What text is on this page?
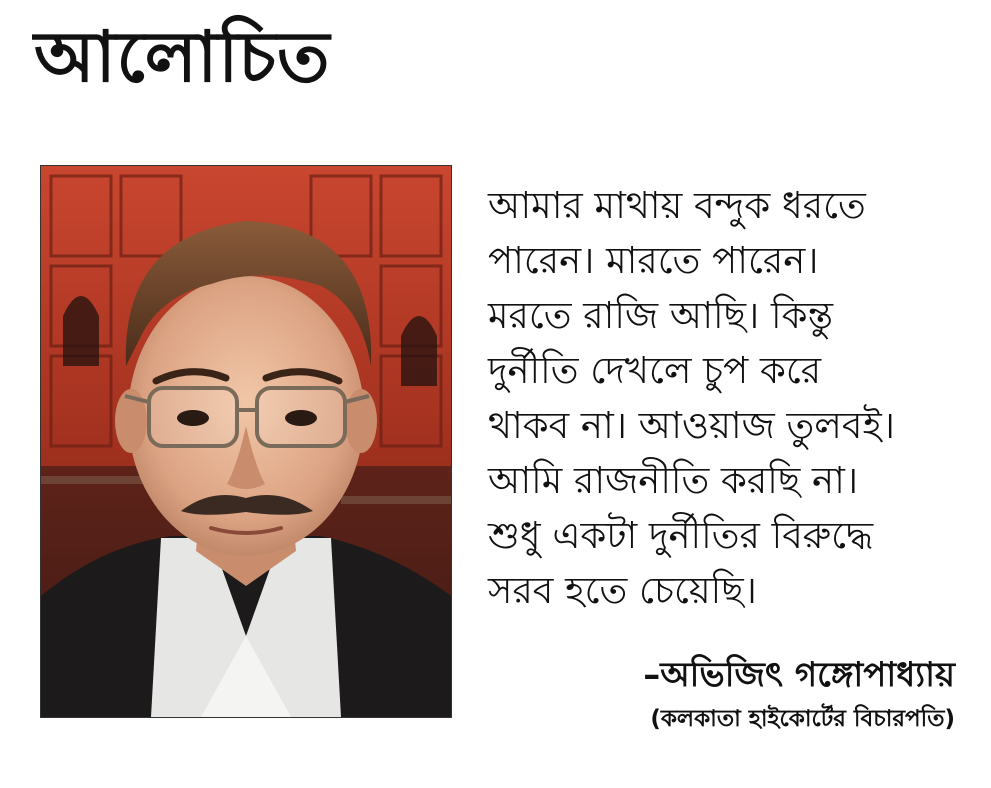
আলোচিত

আমার মাথায় বন্দুক ধরতে
পারেন। মারতে পারেন।
মরতে রাজি আছি। কিন্তু
দুর্নীতি দেখলে চুপ করে
থাকব না। আওয়াজ তুলবই।
আমি রাজনীতি করছি না।
শুধু একটা দুর্নীতির বিরুদ্ধে
সরব হতে চেয়েছি।

–অভিজিৎ গঙ্গোপাধ্যায়
(কলকাতা হাইকোর্টের বিচারপতি)
